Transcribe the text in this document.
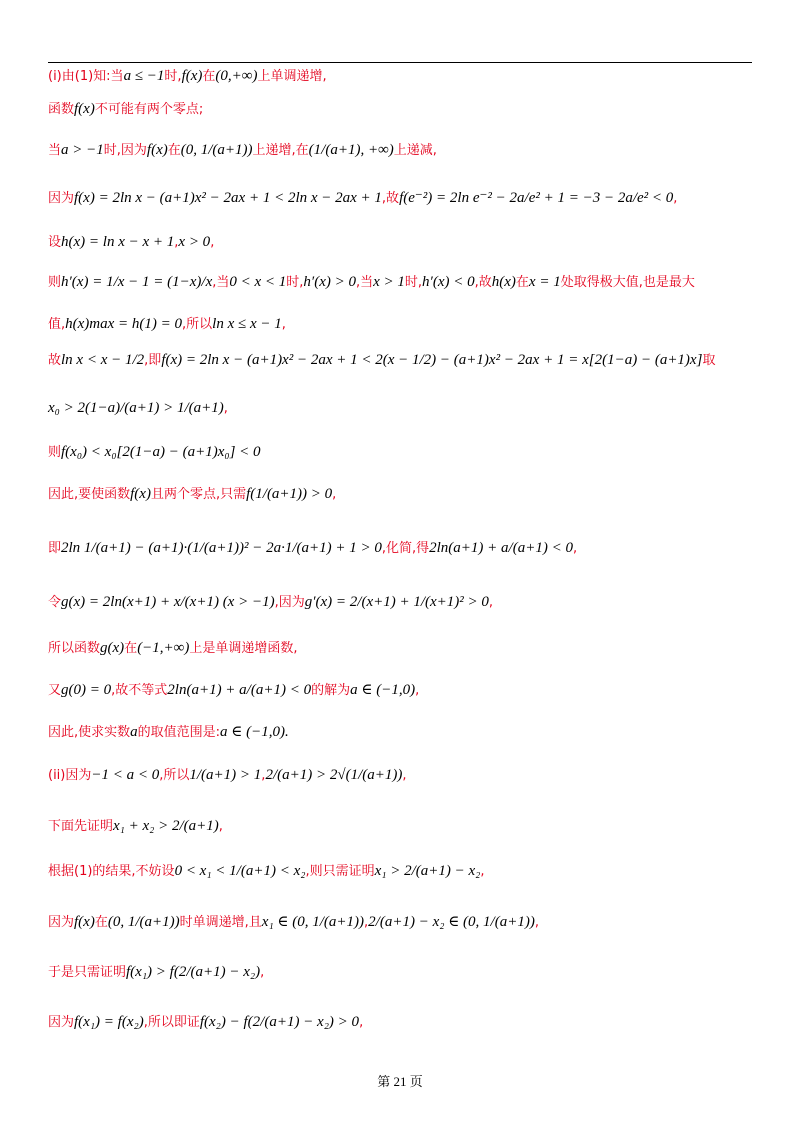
(i)由(1)知:当a ≤ −1时,f(x)在(0,+∞)上单调递增,
函数f(x)不可能有两个零点;
当a > −1时,因为f(x)在(0, 1/(a+1))上递增,在(1/(a+1), +∞)上递减,
因为f(x) = 2ln x − (a+1)x² − 2ax + 1 < 2ln x − 2ax + 1,故f(e⁻²) = 2ln e⁻² − 2a/e² + 1 = −3 − 2a/e² < 0,
设h(x) = ln x − x + 1,x > 0,
则h′(x) = 1/x − 1 = (1−x)/x,当0 < x < 1时,h′(x) > 0,当x > 1时,h′(x) < 0,故h(x)在x = 1处取得极大值,也是最大
值,h(x)max = h(1) = 0,所以ln x ≤ x − 1,
故ln x < x − 1/2,即f(x) = 2ln x − (a+1)x² − 2ax + 1 < 2(x − 1/2) − (a+1)x² − 2ax + 1 = x[2(1−a) − (a+1)x]取
x₀ > 2(1−a)/(a+1) > 1/(a+1),
则f(x₀) < x₀[2(1−a) − (a+1)x₀] < 0
因此,要使函数f(x)且两个零点,只需f(1/(a+1)) > 0,
即2ln 1/(a+1) − (a+1)·(1/(a+1))² − 2a·1/(a+1) + 1 > 0,化简,得2ln(a+1) + a/(a+1) < 0,
令g(x) = 2ln(x+1) + x/(x+1) (x > −1),因为g′(x) = 2/(x+1) + 1/(x+1)² > 0,
所以函数g(x)在(−1,+∞)上是单调递增函数,
又g(0) = 0,故不等式2ln(a+1) + a/(a+1) < 0的解为a ∈ (−1,0),
因此,使求实数a的取值范围是:a ∈ (−1,0).
(ii)因为−1 < a < 0,所以1/(a+1) > 1,2/(a+1) > 2√(1/(a+1)),
下面先证明x₁ + x₂ > 2/(a+1),
根据(1)的结果,不妨设0 < x₁ < 1/(a+1) < x₂,则只需证明x₁ > 2/(a+1) − x₂,
因为f(x)在(0, 1/(a+1))时单调递增,且x₁ ∈ (0, 1/(a+1)),2/(a+1) − x₂ ∈ (0, 1/(a+1)),
于是只需证明f(x₁) > f(2/(a+1) − x₂),
因为f(x₁) = f(x₂),所以即证f(x₂) − f(2/(a+1) − x₂) > 0,
第 21 页
